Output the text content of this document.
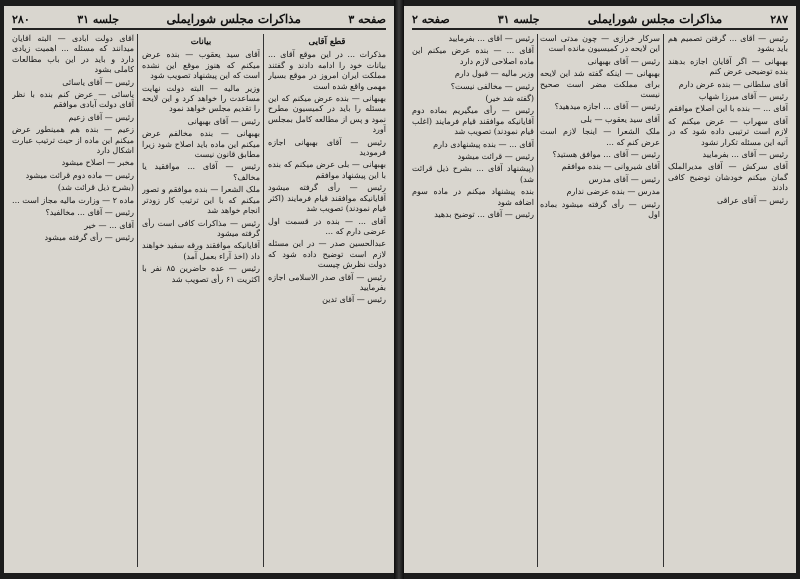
صفحه ۳
مذاکرات مجلس شورایملی
جلسه ۳۱
۲۸۰
قطع آقایی

مذکرات ... در این موقع آقای ... بیانات خود را ادامه دادند و گفتند مملکت ایران امروز در موقع بسیار مهمی واقع شده است

بهبهانی — بنده عرض میکنم که این مسئله را باید در کمیسیون مطرح نمود و پس از مطالعه کامل بمجلس آورد

رئیس — آقای بهبهانی اجازه فرمودید

بهبهانی — بلی عرض میکنم که بنده با این پیشنهاد موافقم

رئیس — رأی گرفته میشود آقایانیکه موافقند قیام فرمایند (اکثر قیام نمودند) تصویب شد

آقای ... — بنده در قسمت اول عرضی دارم که ...

عبدالحسین صدر — در این مسئله لازم است توضیح داده شود که دولت نظرش چیست

رئیس — آقای صدر الاسلامی اجازه بفرمایید

رئیس — آقای تدین

بیانات

آقای سید یعقوب — بنده عرض میکنم که هنوز موقع این نشده است که این پیشنهاد تصویب شود

وزیر مالیه — البته دولت نهایت مساعدت را خواهد کرد و این لایحه را تقدیم مجلس خواهد نمود

رئیس — آقای بهبهانی

بهبهانی — بنده مخالفم عرض میکنم این ماده باید اصلاح شود زیرا مطابق قانون نیست

رئیس — آقای ... موافقید یا مخالف؟

ملک الشعرا — بنده موافقم و تصور میکنم که با این ترتیب کار زودتر انجام خواهد شد

رئیس — مذاکرات کافی است رأی گرفته میشود

آقایانیکه موافقند ورقه سفید خواهند داد (اخذ آراء بعمل آمد)

رئیس — عده حاضرین ۸۵ نفر با اکثریت ۶۱ رأی تصویب شد

آقای دولت آبادی — البته آقایان میدانند که مسئله ... اهمیت زیادی دارد و باید در این باب مطالعات کاملی بشود

رئیس — آقای یاسائی

یاسائی — عرض کنم بنده با نظر آقای دولت آبادی موافقم

رئیس — آقای زعیم

زعیم — بنده هم همینطور عرض میکنم این ماده از حیث ترتیب عبارت اشکال دارد

مخبر — اصلاح میشود

رئیس — ماده دوم قرائت میشود

(بشرح ذیل قرائت شد)

ماده ۲ — وزارت مالیه مجاز است ...

رئیس — آقای ... مخالفید؟

آقای ... — خیر

رئیس — رأی گرفته میشود

۲۸۷
مذاکرات مجلس شورایملی
جلسه ۳۱
صفحه ۲

رئیس — آقای ... گرفتن تصمیم هم باید بشود

بهبهانی — اگر آقایان اجازه بدهند بنده توضیحی عرض کنم

آقای سلطانی — بنده عرض دارم

رئیس — آقای میرزا شهاب

آقای ... — بنده با این اصلاح موافقم

آقای سهراب — عرض میکنم که لازم است ترتیبی داده شود که در آتیه این مسئله تکرار نشود

رئیس — آقای ... بفرمایید

آقای سرکش — آقای مدیرالملک گمان میکنم خودشان توضیح کافی دادند

رئیس — آقای عراقی

سرکار خرازی — چون مدتی است این لایحه در کمیسیون مانده است

رئیس — آقای بهبهانی

بهبهانی — اینکه گفته شد این لایحه برای مملکت مضر است صحیح نیست

رئیس — آقای ... اجازه میدهید؟

آقای سید یعقوب — بلی

ملک الشعرا — اینجا لازم است عرض کنم که ...

رئیس — آقای ... موافق هستید؟

آقای شیروانی — بنده موافقم

رئیس — آقای مدرس

مدرس — بنده عرضی ندارم

رئیس — رأی گرفته میشود بماده اول

رئیس — آقای ... بفرمایید

آقای ... — بنده عرض میکنم این ماده اصلاحی لازم دارد

وزیر مالیه — قبول دارم

رئیس — مخالفی نیست؟

(گفته شد خیر)

رئیس — رأی میگیریم بماده دوم آقایانیکه موافقند قیام فرمایند (اغلب قیام نمودند) تصویب شد

آقای ... — بنده پیشنهادی دارم

رئیس — قرائت میشود

(پیشنهاد آقای ... بشرح ذیل قرائت شد)

بنده پیشنهاد میکنم در ماده سوم اضافه شود

رئیس — آقای ... توضیح بدهید
